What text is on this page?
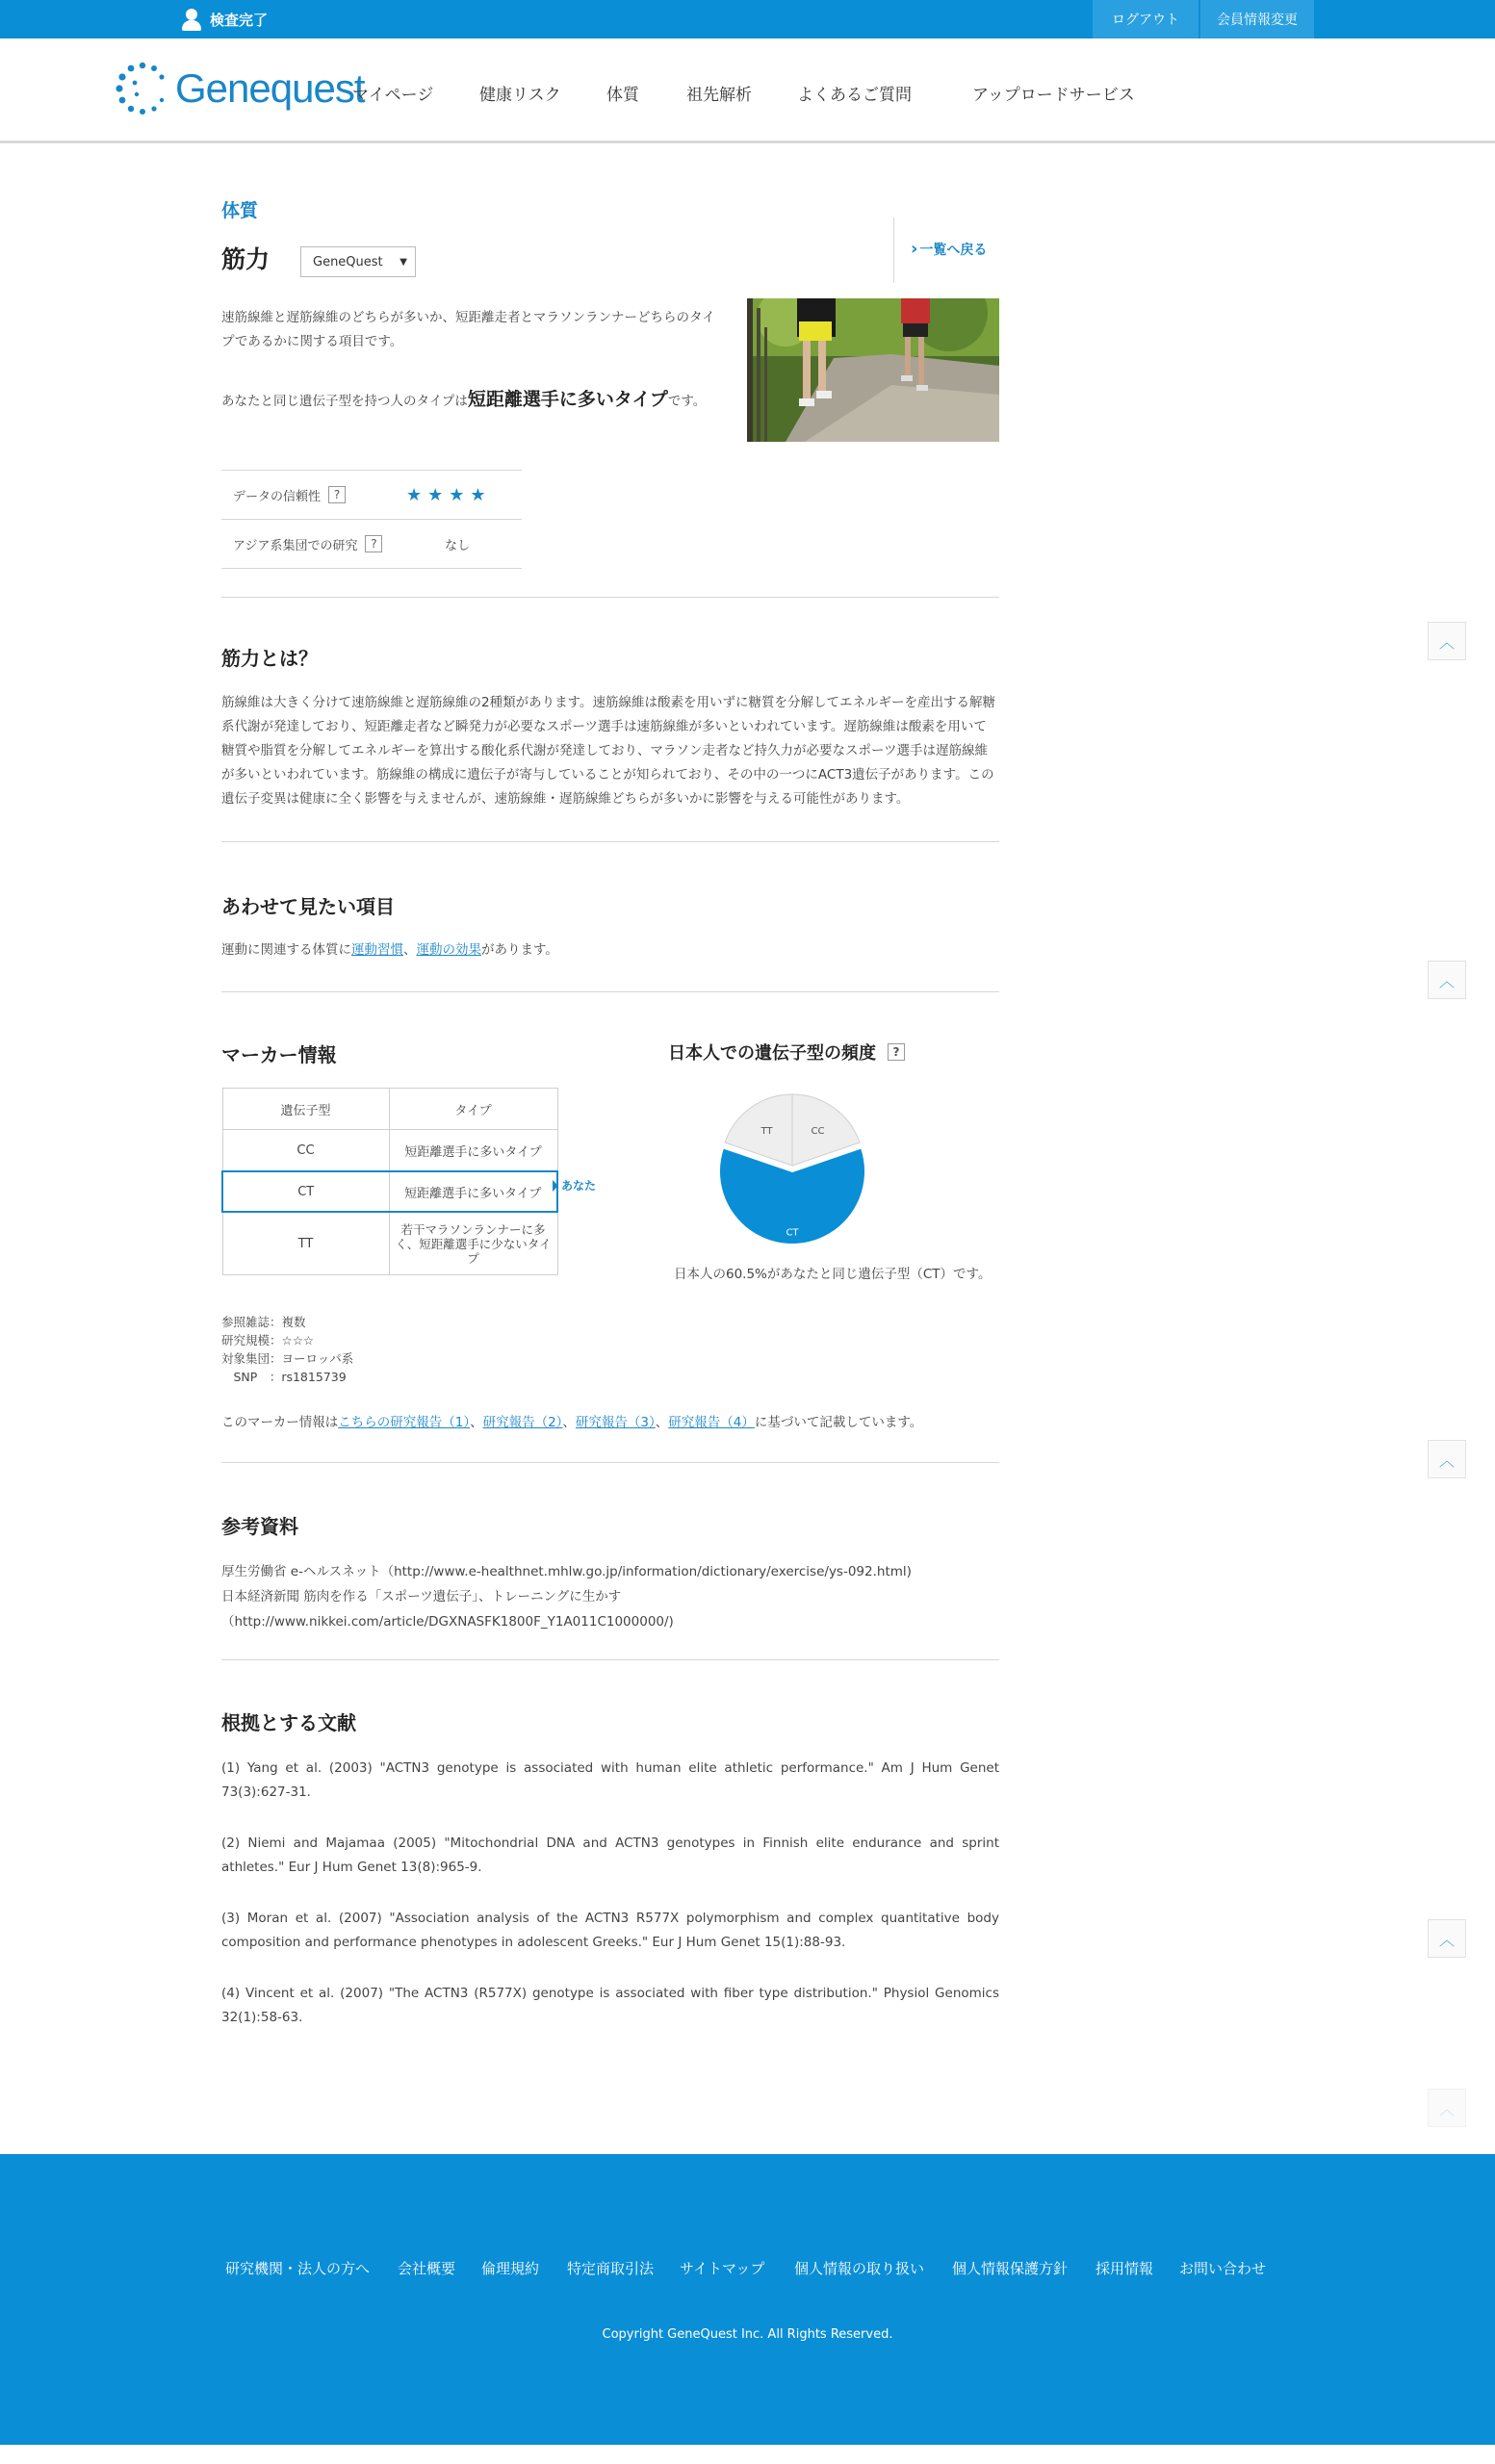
検査完了	ログアウト	会員情報変更
Genequest
マイページ	健康リスク	体質	祖先解析	よくあるご質問	アップロードサービス
体質
筋力	GeneQuest ▼
› 一覧へ戻る
速筋線維と遅筋線維のどちらが多いか、短距離走者とマラソンランナーどちらのタイプであるかに関する項目です。
あなたと同じ遺伝子型を持つ人のタイプは短距離選手に多いタイプです。
データの信頼性	?	★★★★
アジア系集団での研究	?	なし
筋力とは？
筋線維は大きく分けて速筋線維と遅筋線維の2種類があります。速筋線維は酸素を用いずに糖質を分解してエネルギーを産出する解糖系代謝が発達しており、短距離走者など瞬発力が必要なスポーツ選手は速筋線維が多いといわれています。遅筋線維は酸素を用いて糖質や脂質を分解してエネルギーを算出する酸化系代謝が発達しており、マラソン走者など持久力が必要なスポーツ選手は遅筋線維が多いといわれています。筋線維の構成に遺伝子が寄与していることが知られており、その中の一つにACT3遺伝子があります。この遺伝子変異は健康に全く影響を与えませんが、速筋線維・遅筋線維どちらが多いかに影響を与える可能性があります。
あわせて見たい項目
運動に関連する体質に運動習慣、運動の効果があります。
マーカー情報
遺伝子型	タイプ
CC	短距離選手に多いタイプ
CT	短距離選手に多いタイプ
TT	若干マラソンランナーに多く、短距離選手に少ないタイプ
あなた
参照雑誌：複数
研究規模：☆☆☆
対象集団：ヨーロッパ系
　SNP　：rs1815739
このマーカー情報はこちらの研究報告（1）、研究報告（2）、研究報告（3）、研究報告（4）に基づいて記載しています。
日本人での遺伝子型の頻度	?
CT
TT	CC
日本人の60.5%があなたと同じ遺伝子型（CT）です。
参考資料
厚生労働省 e-ヘルスネット（http://www.e-healthnet.mhlw.go.jp/information/dictionary/exercise/ys-092.html)
日本経済新聞 筋肉を作る「スポーツ遺伝子」、トレーニングに生かす
（http://www.nikkei.com/article/DGXNASFK1800F_Y1A011C1000000/)
根拠とする文献
(1) Yang et al. (2003) "ACTN3 genotype is associated with human elite athletic performance." Am J Hum Genet 73(3):627-31.
(2) Niemi and Majamaa (2005) "Mitochondrial DNA and ACTN3 genotypes in Finnish elite endurance and sprint athletes." Eur J Hum Genet 13(8):965-9.
(3) Moran et al. (2007) "Association analysis of the ACTN3 R577X polymorphism and complex quantitative body composition and performance phenotypes in adolescent Greeks." Eur J Hum Genet 15(1):88-93.
(4) Vincent et al. (2007) "The ACTN3 (R577X) genotype is associated with fiber type distribution." Physiol Genomics 32(1):58-63.
︿
︿
︿
︿
︿
研究機関・法人の方へ 会社概要 倫理規約 特定商取引法 サイトマップ 個人情報の取り扱い 個人情報保護方針 採用情報 お問い合わせ
Copyright GeneQuest Inc. All Rights Reserved.
